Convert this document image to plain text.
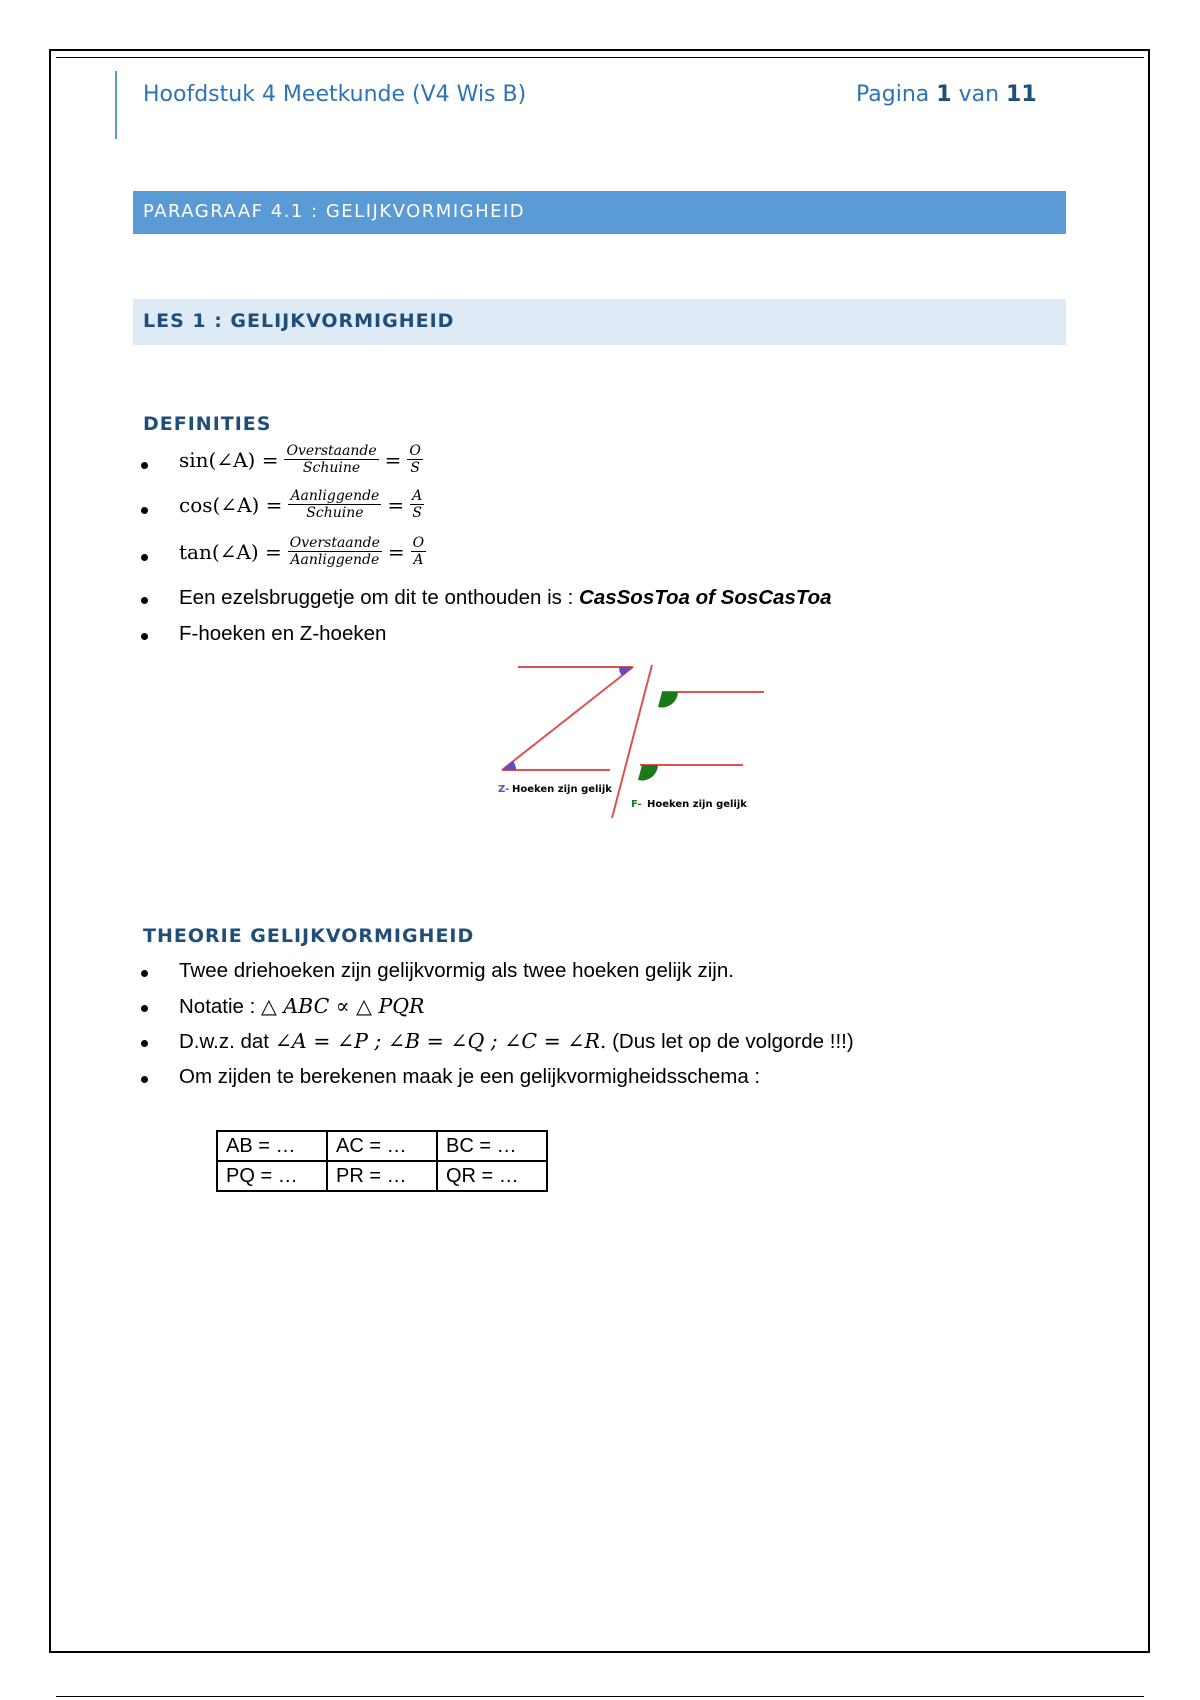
Hoofdstuk 4 Meetkunde (V4 Wis B)	Pagina 1 van 11
PARAGRAAF 4.1 : GELIJKVORMIGHEID
LES 1 : GELIJKVORMIGHEID
DEFINITIES
sin(∠A) = $\frac{\text{Overstaande}}{\text{Schuine}} = \frac{O}{S}$
cos(∠A) = $\frac{\text{Aanliggende}}{\text{Schuine}} = \frac{A}{S}$
tan(∠A) = $\frac{\text{Overstaande}}{\text{Aanliggende}} = \frac{O}{A}$
Een ezelsbruggetje om dit te onthouden is : CasSosToa of SosCasToa
F-hoeken en Z-hoeken
Z- Hoeken zijn gelijk
F- Hoeken zijn gelijk
THEORIE GELIJKVORMIGHEID
Twee driehoeken zijn gelijkvormig als twee hoeken gelijk zijn.
Notatie : △ ABC ∝ △ PQR
D.w.z. dat ∠A = ∠P ; ∠B = ∠Q ; ∠C = ∠R. (Dus let op de volgorde !!!)
Om zijden te berekenen maak je een gelijkvormigheidsschema :
AB = …	AC = …	BC = …
PQ = …	PR = …	QR = …
